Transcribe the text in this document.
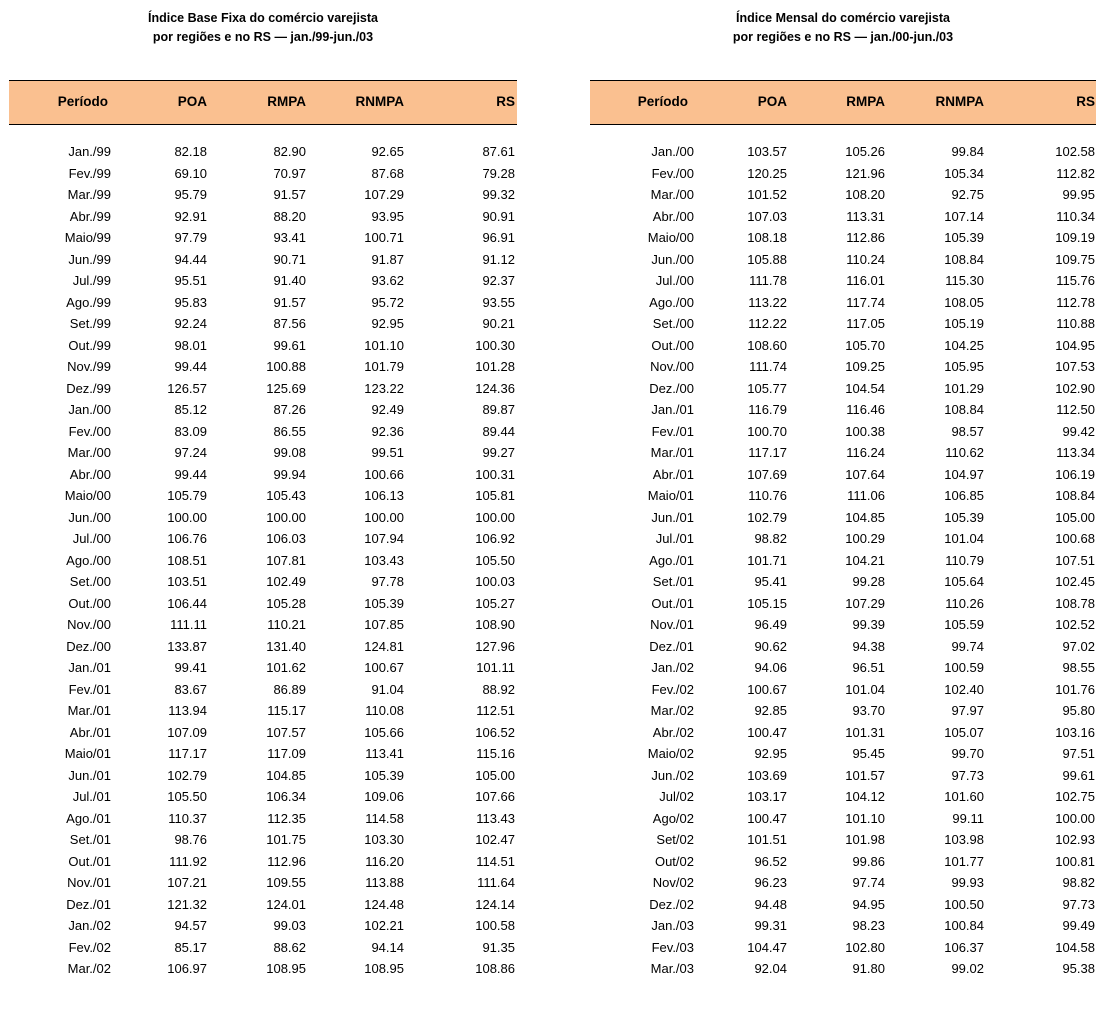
Índice Base Fixa do comércio varejista
por regiões e no RS — jan./99-jun./03
Período	POA	RMPA	RNMPA	RS
Jan./99	82.18	82.90	92.65	87.61
Fev./99	69.10	70.97	87.68	79.28
Mar./99	95.79	91.57	107.29	99.32
Abr./99	92.91	88.20	93.95	90.91
Maio/99	97.79	93.41	100.71	96.91
Jun./99	94.44	90.71	91.87	91.12
Jul./99	95.51	91.40	93.62	92.37
Ago./99	95.83	91.57	95.72	93.55
Set./99	92.24	87.56	92.95	90.21
Out./99	98.01	99.61	101.10	100.30
Nov./99	99.44	100.88	101.79	101.28
Dez./99	126.57	125.69	123.22	124.36
Jan./00	85.12	87.26	92.49	89.87
Fev./00	83.09	86.55	92.36	89.44
Mar./00	97.24	99.08	99.51	99.27
Abr./00	99.44	99.94	100.66	100.31
Maio/00	105.79	105.43	106.13	105.81
Jun./00	100.00	100.00	100.00	100.00
Jul./00	106.76	106.03	107.94	106.92
Ago./00	108.51	107.81	103.43	105.50
Set./00	103.51	102.49	97.78	100.03
Out./00	106.44	105.28	105.39	105.27
Nov./00	111.11	110.21	107.85	108.90
Dez./00	133.87	131.40	124.81	127.96
Jan./01	99.41	101.62	100.67	101.11
Fev./01	83.67	86.89	91.04	88.92
Mar./01	113.94	115.17	110.08	112.51
Abr./01	107.09	107.57	105.66	106.52
Maio/01	117.17	117.09	113.41	115.16
Jun./01	102.79	104.85	105.39	105.00
Jul./01	105.50	106.34	109.06	107.66
Ago./01	110.37	112.35	114.58	113.43
Set./01	98.76	101.75	103.30	102.47
Out./01	111.92	112.96	116.20	114.51
Nov./01	107.21	109.55	113.88	111.64
Dez./01	121.32	124.01	124.48	124.14
Jan./02	94.57	99.03	102.21	100.58
Fev./02	85.17	88.62	94.14	91.35
Mar./02	106.97	108.95	108.95	108.86
Índice Mensal do comércio varejista
por regiões e no RS — jan./00-jun./03
Período	POA	RMPA	RNMPA	RS
Jan./00	103.57	105.26	99.84	102.58
Fev./00	120.25	121.96	105.34	112.82
Mar./00	101.52	108.20	92.75	99.95
Abr./00	107.03	113.31	107.14	110.34
Maio/00	108.18	112.86	105.39	109.19
Jun./00	105.88	110.24	108.84	109.75
Jul./00	111.78	116.01	115.30	115.76
Ago./00	113.22	117.74	108.05	112.78
Set./00	112.22	117.05	105.19	110.88
Out./00	108.60	105.70	104.25	104.95
Nov./00	111.74	109.25	105.95	107.53
Dez./00	105.77	104.54	101.29	102.90
Jan./01	116.79	116.46	108.84	112.50
Fev./01	100.70	100.38	98.57	99.42
Mar./01	117.17	116.24	110.62	113.34
Abr./01	107.69	107.64	104.97	106.19
Maio/01	110.76	111.06	106.85	108.84
Jun./01	102.79	104.85	105.39	105.00
Jul./01	98.82	100.29	101.04	100.68
Ago./01	101.71	104.21	110.79	107.51
Set./01	95.41	99.28	105.64	102.45
Out./01	105.15	107.29	110.26	108.78
Nov./01	96.49	99.39	105.59	102.52
Dez./01	90.62	94.38	99.74	97.02
Jan./02	94.06	96.51	100.59	98.55
Fev./02	100.67	101.04	102.40	101.76
Mar./02	92.85	93.70	97.97	95.80
Abr./02	100.47	101.31	105.07	103.16
Maio/02	92.95	95.45	99.70	97.51
Jun./02	103.69	101.57	97.73	99.61
Jul/02	103.17	104.12	101.60	102.75
Ago/02	100.47	101.10	99.11	100.00
Set/02	101.51	101.98	103.98	102.93
Out/02	96.52	99.86	101.77	100.81
Nov/02	96.23	97.74	99.93	98.82
Dez./02	94.48	94.95	100.50	97.73
Jan./03	99.31	98.23	100.84	99.49
Fev./03	104.47	102.80	106.37	104.58
Mar./03	92.04	91.80	99.02	95.38
